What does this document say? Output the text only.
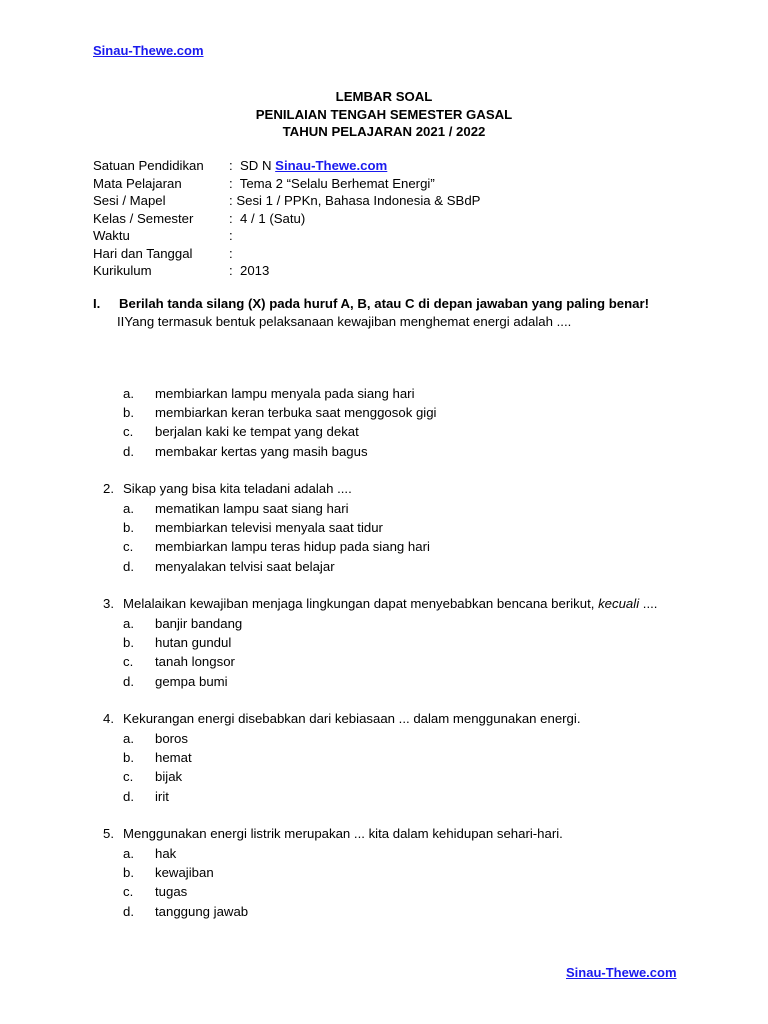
Sinau-Thewe.com
LEMBAR SOAL
PENILAIAN TENGAH SEMESTER GASAL
TAHUN PELAJARAN 2021 / 2022
Satuan Pendidikan	:  SD N Sinau-Thewe.com
Mata Pelajaran	:  Tema 2 “Selalu Berhemat Energi”
Sesi / Mapel	: Sesi 1 / PPKn, Bahasa Indonesia & SBdP
Kelas / Semester	:  4 / 1 (Satu)
Waktu	:
Hari dan Tanggal	:
Kurikulum	:  2013
I.	Berilah tanda silang (X) pada huruf A, B, atau C di depan jawaban yang paling benar!
IIYang termasuk bentuk pelaksanaan kewajiban menghemat energi adalah ....
a.	membiarkan lampu menyala pada siang hari
b.	membiarkan keran terbuka saat menggosok gigi
c.	berjalan kaki ke tempat yang dekat
d.	membakar kertas yang masih bagus
2. Sikap yang bisa kita teladani adalah ....
a.	mematikan lampu saat siang hari
b.	membiarkan televisi menyala saat tidur
c.	membiarkan lampu teras hidup pada siang hari
d.	menyalakan telvisi saat belajar
3. Melalaikan kewajiban menjaga lingkungan dapat menyebabkan bencana berikut, kecuali ....
a.	banjir bandang
b.	hutan gundul
c.	tanah longsor
d.	gempa bumi
4. Kekurangan energi disebabkan dari kebiasaan ... dalam menggunakan energi.
a.	boros
b.	hemat
c.	bijak
d.	irit
5. Menggunakan energi listrik merupakan ... kita dalam kehidupan sehari-hari.
a.	hak
b.	kewajiban
c.	tugas
d.	tanggung jawab
Sinau-Thewe.com
